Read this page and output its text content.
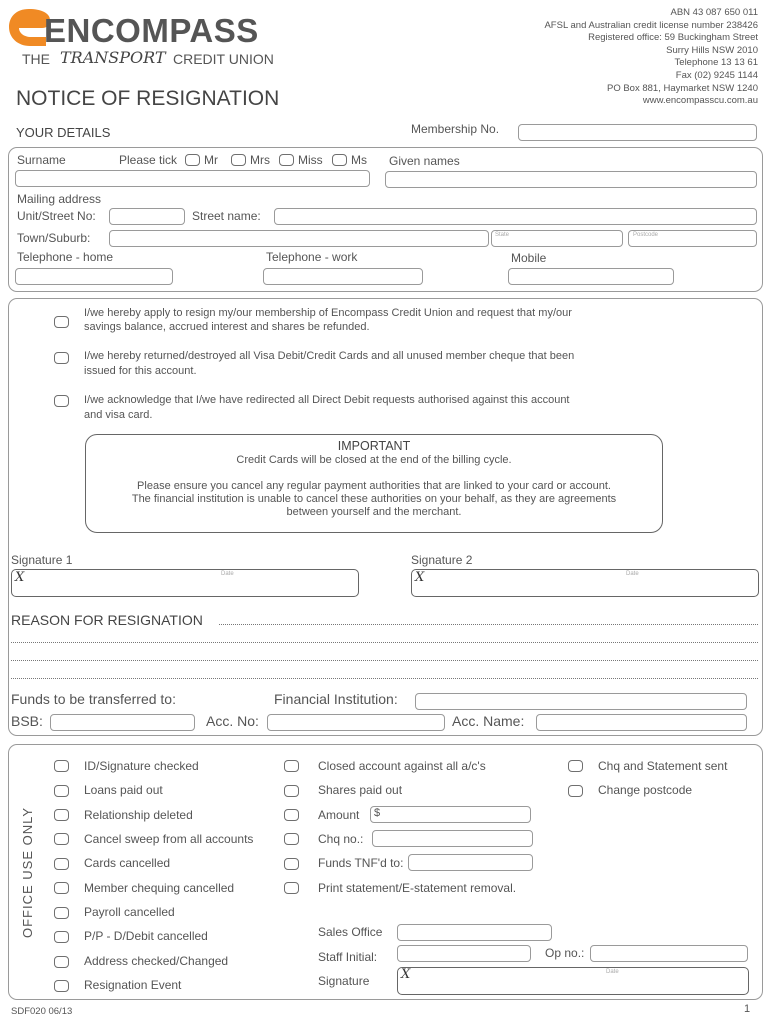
ENCOMPASS
THE TRANSPORT CREDIT UNION
ABN 43 087 650 011
AFSL and Australian credit license number 238426
Registered office: 59 Buckingham Street
Surry Hills NSW 2010
Telephone 13 13 61
Fax (02) 9245 1144
PO Box 881, Haymarket NSW 1240
www.encompasscu.com.au
NOTICE OF RESIGNATION
YOUR DETAILS	Membership No.
Surname	Please tick Mr	Mrs Miss Ms Given names
Mailing address
Unit/Street No:	Street name:
Town/Suburb:	State	Postcode
Telephone - home	Telephone - work	Mobile
I/we hereby apply to resign my/our membership of Encompass Credit Union and request that my/our
savings balance, accrued interest and shares be refunded.
I/we hereby returned/destroyed all Visa Debit/Credit Cards and all unused member cheque that been
issued for this account.
I/we acknowledge that I/we have redirected all Direct Debit requests authorised against this account
and visa card.
IMPORTANT
Credit Cards will be closed at the end of the billing cycle.
Please ensure you cancel any regular payment authorities that are linked to your card or account.
The financial institution is unable to cancel these authorities on your behalf, as they are agreements
between yourself and the merchant.
Signature 1	Signature 2
X	Date	X	Date
REASON FOR RESIGNATION
Funds to be transferred to:	Financial Institution:
BSB:	Acc. No:	Acc. Name:
OFFICE USE ONLY
ID/Signature checked
Loans paid out
Relationship deleted
Cancel sweep from all accounts
Cards cancelled
Member chequing cancelled
Payroll cancelled
P/P - D/Debit cancelled
Address checked/Changed
Resignation Event
Closed account against all a/c's
Shares paid out
Amount $
Chq no.:
Funds TNF'd to:
Print statement/E-statement removal.
Chq and Statement sent
Change postcode
Sales Office
Staff Initial:	Op no.:
Signature X	Date
SDF020 06/13	1
